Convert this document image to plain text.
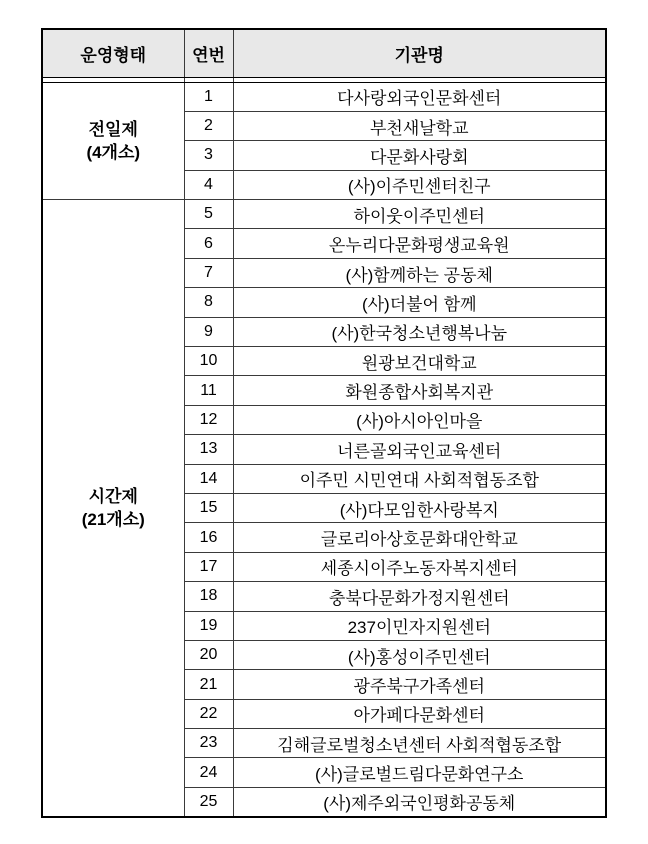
운영형태	연번	기관명

전일제
(4개소)	1	다사랑외국인문화센터
	2	부천새날학교
	3	다문화사랑회
	4	(사)이주민센터친구

시간제
(21개소)	5	하이웃이주민센터
	6	온누리다문화평생교육원
	7	(사)함께하는 공동체
	8	(사)더불어 함께
	9	(사)한국청소년행복나눔
	10	원광보건대학교
	11	화원종합사회복지관
	12	(사)아시아인마을
	13	너른골외국인교육센터
	14	이주민 시민연대 사회적협동조합
	15	(사)다모임한사랑복지
	16	글로리아상호문화대안학교
	17	세종시이주노동자복지센터
	18	충북다문화가정지원센터
	19	237이민자지원센터
	20	(사)홍성이주민센터
	21	광주북구가족센터
	22	아가페다문화센터
	23	김해글로벌청소년센터 사회적협동조합
	24	(사)글로벌드림다문화연구소
	25	(사)제주외국인평화공동체
